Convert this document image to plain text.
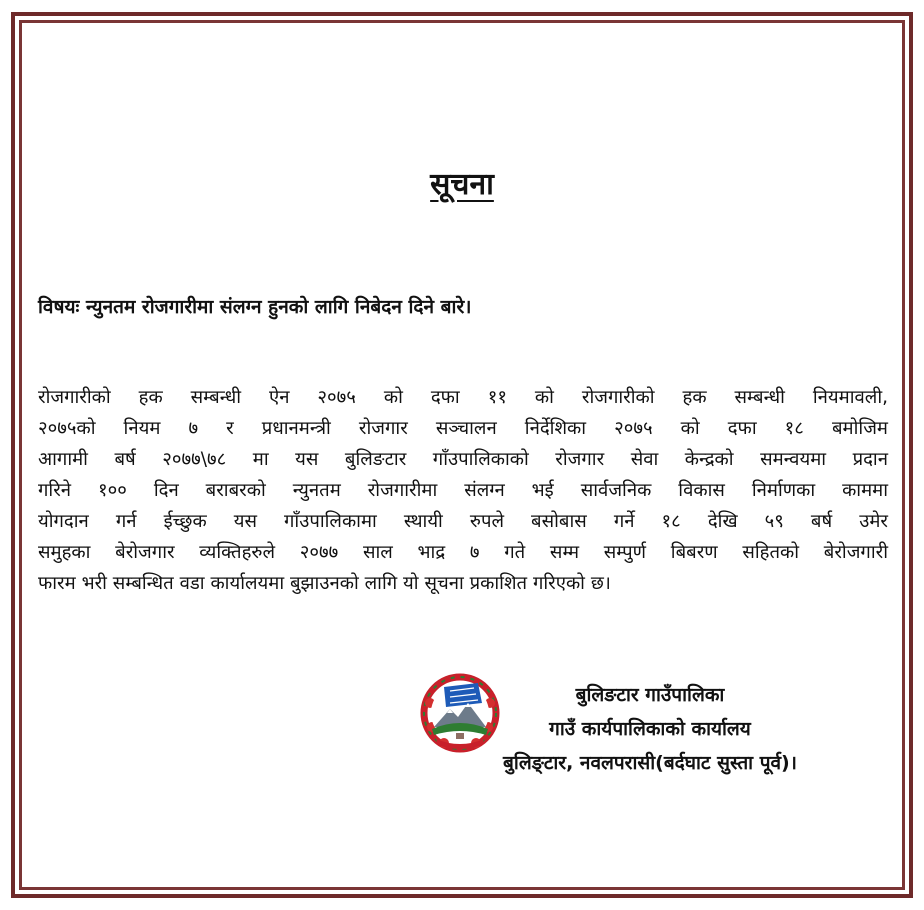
सूचना

विषयः न्युनतम रोजगारीमा संलग्न हुनको लागि निबेदन दिने बारे।

रोजगारीको हक सम्बन्धी ऐन २०७५ को दफा ११ को रोजगारीको हक सम्बन्धी नियमावली,
२०७५को नियम ७ र प्रधानमन्त्री रोजगार सञ्चालन निर्देशिका २०७५ को दफा १८ बमोजिम
आगामी बर्ष २०७७\७८ मा यस बुलिङटार गाँउपालिकाको रोजगार सेवा केन्द्रको समन्वयमा प्रदान
गरिने १०० दिन बराबरको न्युनतम रोजगारीमा संलग्न भई सार्वजनिक विकास निर्माणका काममा
योगदान गर्न ईच्छुक यस गाँउपालिकामा स्थायी रुपले बसोबास गर्ने १८ देखि ५९ बर्ष उमेर
समुहका बेरोजगार व्यक्तिहरुले २०७७ साल भाद्र ७ गते सम्म सम्पुर्ण बिबरण सहितको बेरोजगारी
फारम भरी सम्बन्धित वडा कार्यालयमा बुझाउनको लागि यो सूचना प्रकाशित गरिएको छ।
बुलिङटार गाउँपालिका
गाउँ कार्यपालिकाको कार्यालय
बुलिङ्टार, नवलपरासी(बर्दघाट सुस्ता पूर्व)।
